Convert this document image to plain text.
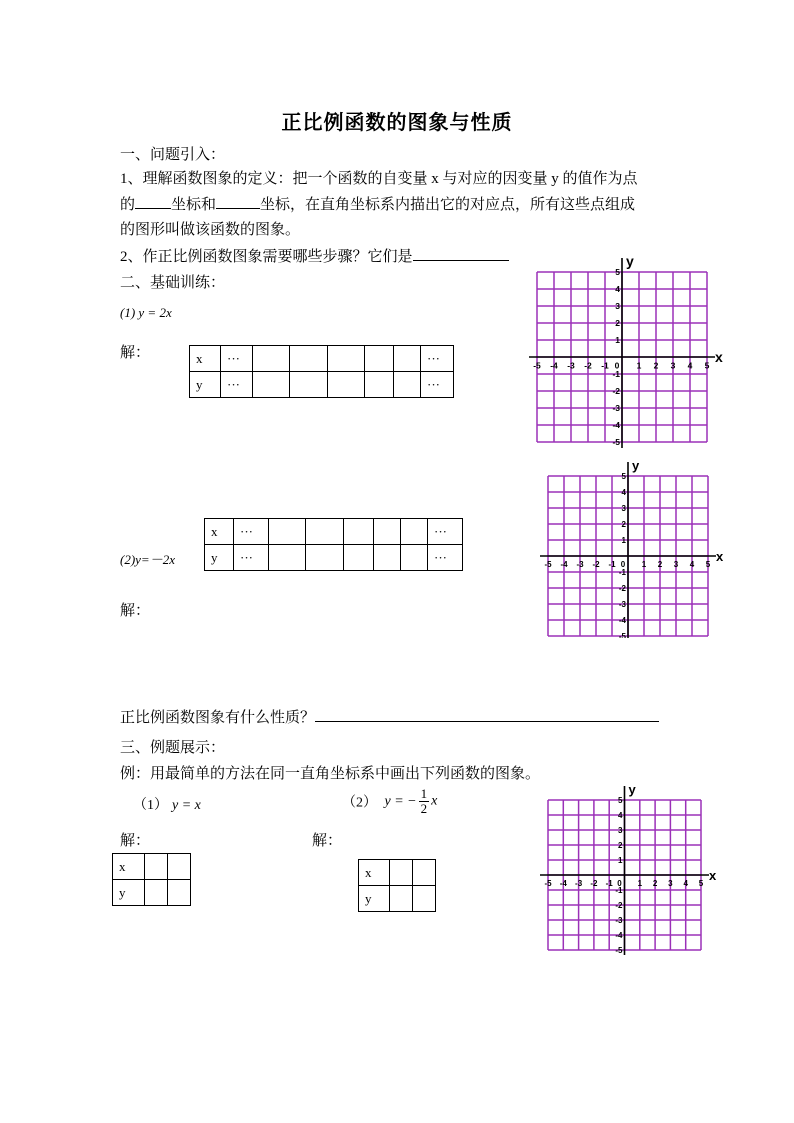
正比例函数的图象与性质
一、问题引入：
1、理解函数图象的定义：把一个函数的自变量 x 与对应的因变量 y 的值作为点
的 坐标和	坐标，在直角坐标系内描出它的对应点，所有这些点组成
的图形叫做该函数的图象。
2、作正比例函数图象需要哪些步骤？它们是
二、基础训练：
(1) y = 2x
解：	x	···						···
y	···						···
x	···						···
y	···						···
(2)y=－2x
解：
正比例函数图象有什么性质？
三、例题展示：
例：用最简单的方法在同一直角坐标系中画出下列函数的图象。
（1） y = x	（2） y = − $\frac{1}{2}$ x
解：	解：
x		
y		
x		
y		
x
y
-5 -4 -3 -2 -1 0 1 2 3 4 5
5
4
3
2
1
-1
-2
-3
-4
-5
x
y
-5 -4 -3 -2 -1 0 1 2 3 4 5
5
4
3
2
1
-1
-2
-3
-4
-5
x
y
-5 -4 -3 -2 -1 0 1 2 3 4 5
5
4
3
2
1
-1
-2
-3
-4
-5
